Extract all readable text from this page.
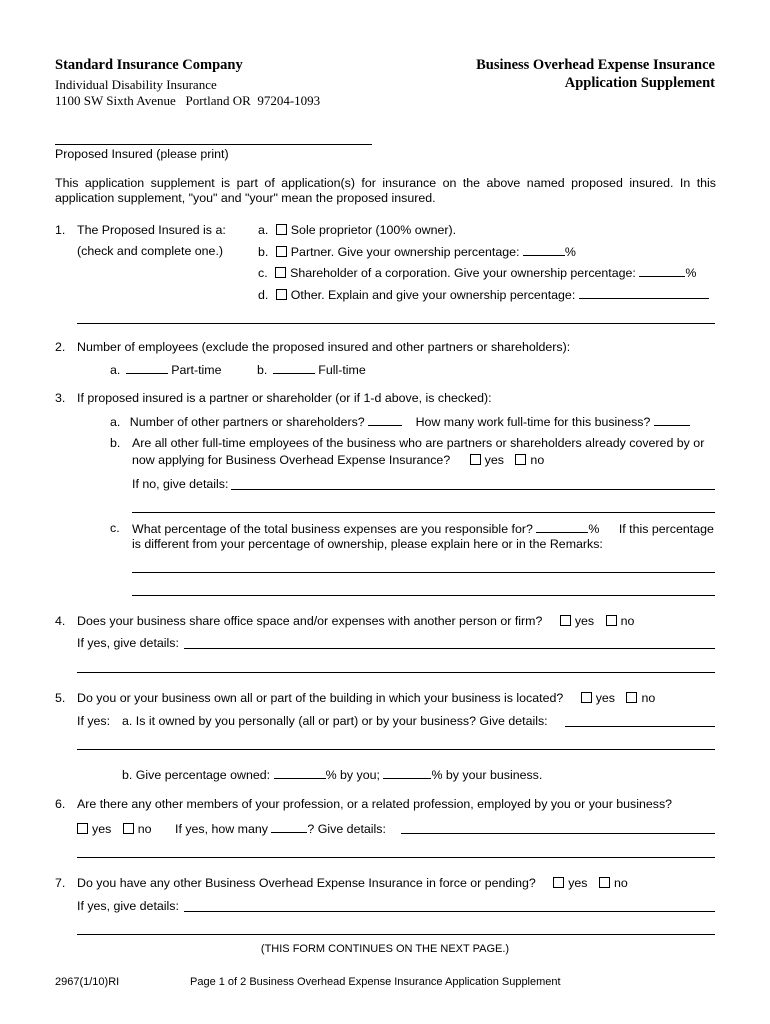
Standard Insurance Company
Individual Disability Insurance
1100 SW Sixth Avenue   Portland OR  97204-1093
Business Overhead Expense Insurance
Application Supplement
Proposed Insured (please print)
This application supplement is part of application(s) for insurance on the above named proposed insured. In this application supplement, "you" and "your" mean the proposed insured.
1. The Proposed Insured is a:
(check and complete one.)
a. Sole proprietor (100% owner).
b. Partner. Give your ownership percentage:	%
c. Shareholder of a corporation. Give your ownership percentage:	%
d. Other. Explain and give your ownership percentage:
2. Number of employees (exclude the proposed insured and other partners or shareholders):
a.	Part-time	b.	Full-time
3. If proposed insured is a partner or shareholder (or if 1-d above, is checked):
a. Number of other partners or shareholders?	How many work full-time for this business?
b. Are all other full-time employees of the business who are partners or shareholders already covered by or
now applying for Business Overhead Expense Insurance?	yes no
If no, give details:
c. What percentage of the total business expenses are you responsible for?	% If this percentage
is different from your percentage of ownership, please explain here or in the Remarks:
4. Does your business share office space and/or expenses with another person or firm?	yes no
If yes, give details:
5. Do you or your business own all or part of the building in which your business is located?	yes no
If yes: a. Is it owned by you personally (all or part) or by your business? Give details:
b. Give percentage owned:	% by you;	% by your business.
6. Are there any other members of your profession, or a related profession, employed by you or your business?
yes no If yes, how many	? Give details:
7. Do you have any other Business Overhead Expense Insurance in force or pending?	yes no
If yes, give details:
(THIS FORM CONTINUES ON THE NEXT PAGE.)
2967(1/10)RI	Page 1 of 2 Business Overhead Expense Insurance Application Supplement
